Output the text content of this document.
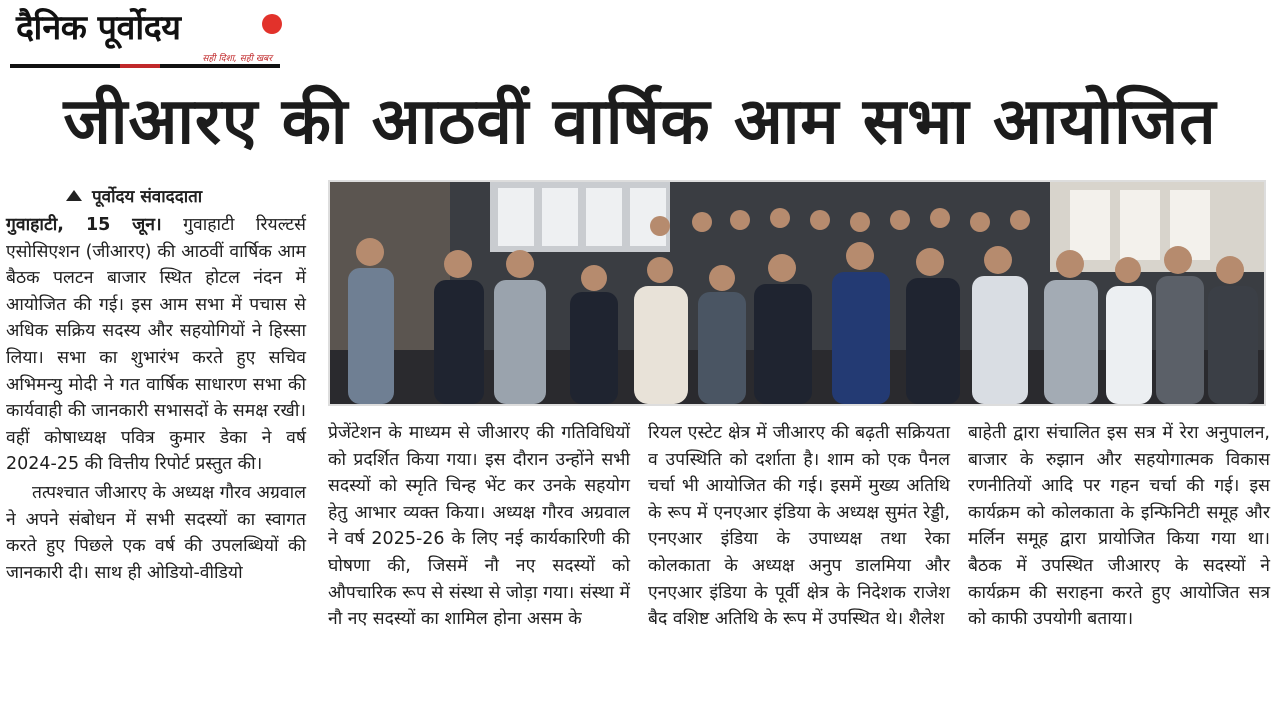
दैनिक पूर्वोदय
सही दिशा, सही खबर
जीआरए की आठवीं वार्षिक आम सभा आयोजित
पूर्वोदय संवाददाता

गुवाहाटी, 15 जून। गुवाहाटी रियल्टर्स एसोसिएशन (जीआरए) की आठवीं वार्षिक आम बैठक पलटन बाजार स्थित होटल नंदन में आयोजित की गई। इस आम सभा में पचास से अधिक सक्रिय सदस्य और सहयोगियों ने हिस्सा लिया। सभा का शुभारंभ करते हुए सचिव अभिमन्यु मोदी ने गत वार्षिक साधारण सभा की कार्यवाही की जानकारी सभासदों के समक्ष रखी। वहीं कोषाध्यक्ष पवित्र कुमार डेका ने वर्ष 2024-25 की वित्तीय रिपोर्ट प्रस्तुत की।

तत्पश्चात जीआरए के अध्यक्ष गौरव अग्रवाल ने अपने संबोधन में सभी सदस्यों का स्वागत करते हुए पिछले एक वर्ष की उपलब्धियों की जानकारी दी। साथ ही ओडियो-वीडियो

प्रेजेंटेशन के माध्यम से जीआरए की गतिविधियों को प्रदर्शित किया गया। इस दौरान उन्होंने सभी सदस्यों को स्मृति चिन्ह भेंट कर उनके सहयोग हेतु आभार व्यक्त किया। अध्यक्ष गौरव अग्रवाल ने वर्ष 2025-26 के लिए नई कार्यकारिणी की घोषणा की, जिसमें नौ नए सदस्यों को औपचारिक रूप से संस्था से जोड़ा गया। संस्था में नौ नए सदस्यों का शामिल होना असम के

रियल एस्टेट क्षेत्र में जीआरए की बढ़ती सक्रियता व उपस्थिति को दर्शाता है। शाम को एक पैनल चर्चा भी आयोजित की गई। इसमें मुख्य अतिथि के रूप में एनएआर इंडिया के अध्यक्ष सुमंत रेड्डी, एनएआर इंडिया के उपाध्यक्ष तथा रेका कोलकाता के अध्यक्ष अनुप डालमिया और एनएआर इंडिया के पूर्वी क्षेत्र के निदेशक राजेश बैद वशिष्ट अतिथि के रूप में उपस्थित थे। शैलेश

बाहेती द्वारा संचालित इस सत्र में रेरा अनुपालन, बाजार के रुझान और सहयोगात्मक विकास रणनीतियों आदि पर गहन चर्चा की गई। इस कार्यक्रम को कोलकाता के इन्फिनिटी समूह और मर्लिन समूह द्वारा प्रायोजित किया गया था। बैठक में उपस्थित जीआरए के सदस्यों ने कार्यक्रम की सराहना करते हुए आयोजित सत्र को काफी उपयोगी बताया।
